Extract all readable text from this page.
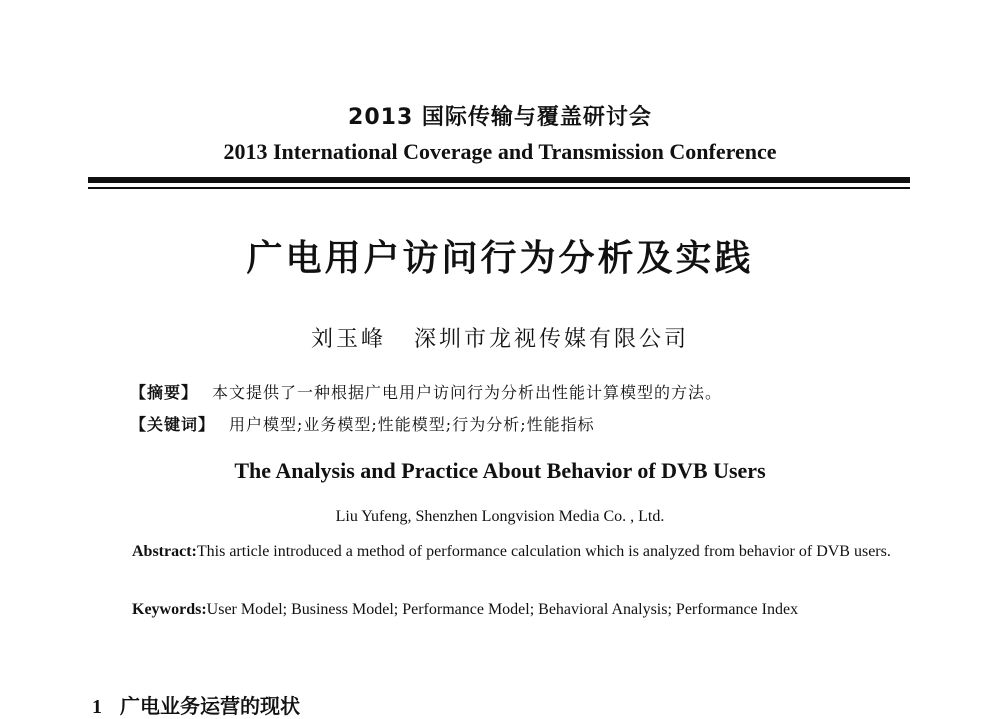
2013 国际传输与覆盖研讨会
2013 International Coverage and Transmission Conference
广电用户访问行为分析及实践
刘玉峰 深圳市龙视传媒有限公司
【摘要】 本文提供了一种根据广电用户访问行为分析出性能计算模型的方法。
【关键词】 用户模型;业务模型;性能模型;行为分析;性能指标
The Analysis and Practice About Behavior of DVB Users
Liu Yufeng, Shenzhen Longvision Media Co. , Ltd.
Abstract:This article introduced a method of performance calculation which is analyzed from behavior of DVB users.
Keywords:User Model; Business Model; Performance Model; Behavioral Analysis; Performance Index
1 广电业务运营的现状
